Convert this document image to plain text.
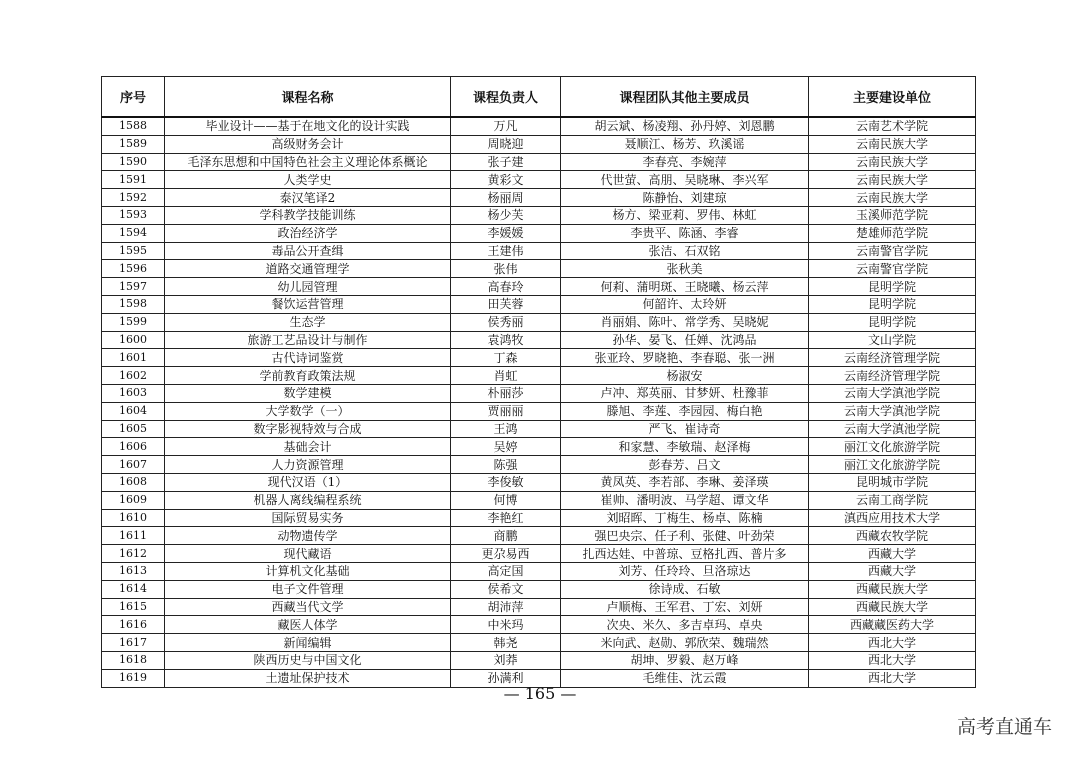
序号	课程名称	课程负责人	课程团队其他主要成员	主要建设单位
1588	毕业设计——基于在地文化的设计实践	万凡	胡云斌、杨凌翔、孙丹婷、刘恩鹏	云南艺术学院
1589	高级财务会计	周晓迎	聂顺江、杨芳、玖溪谣	云南民族大学
1590	毛泽东思想和中国特色社会主义理论体系概论	张子建	李春亮、李婉萍	云南民族大学
1591	人类学史	黄彩文	代世萤、高朋、吴晓琳、李兴军	云南民族大学
1592	泰汉笔译2	杨丽周	陈静怡、刘建琼	云南民族大学
1593	学科教学技能训练	杨少芙	杨方、梁亚莉、罗伟、林虹	玉溪师范学院
1594	政治经济学	李媛媛	李贵平、陈涵、李睿	楚雄师范学院
1595	毒品公开查缉	王建伟	张洁、石双铭	云南警官学院
1596	道路交通管理学	张伟	张秋美	云南警官学院
1597	幼儿园管理	高春玲	何莉、蒲明斑、王晓曦、杨云萍	昆明学院
1598	餐饮运营管理	田芙蓉	何韶许、太玲妍	昆明学院
1599	生态学	侯秀丽	肖丽娟、陈叶、常学秀、吴晓妮	昆明学院
1600	旅游工艺品设计与制作	袁鸿牧	孙华、晏飞、任婵、沈鸿品	文山学院
1601	古代诗词鉴赏	丁森	张亚玲、罗晓艳、李春聪、张一洲	云南经济管理学院
1602	学前教育政策法规	肖虹	杨淑安	云南经济管理学院
1603	数学建模	朴丽莎	卢冲、郑英丽、甘梦妍、杜豫菲	云南大学滇池学院
1604	大学数学（一）	贾丽丽	滕旭、李莲、李园园、梅白艳	云南大学滇池学院
1605	数字影视特效与合成	王鸿	严飞、崔诗奇	云南大学滇池学院
1606	基础会计	吴婷	和家慧、李敏瑞、赵泽梅	丽江文化旅游学院
1607	人力资源管理	陈强	彭春芳、吕文	丽江文化旅游学院
1608	现代汉语（1）	李俊敏	黄凤英、李若部、李琳、姜泽瑛	昆明城市学院
1609	机器人离线编程系统	何博	崔帅、潘明波、马学超、谭文华	云南工商学院
1610	国际贸易实务	李艳红	刘昭晖、丁梅生、杨卓、陈楠	滇西应用技术大学
1611	动物遗传学	商鹏	强巴央宗、任子利、张健、叶劲荣	西藏农牧学院
1612	现代藏语	更尕易西	扎西达娃、中普琼、豆格扎西、普片多	西藏大学
1613	计算机文化基础	高定国	刘芳、任玲玲、旦洛琼达	西藏大学
1614	电子文件管理	侯希文	徐诗成、石敏	西藏民族大学
1615	西藏当代文学	胡沛萍	卢顺梅、王军君、丁宏、刘妍	西藏民族大学
1616	藏医人体学	中米玛	次央、米久、多吉卓玛、卓央	西藏藏医药大学
1617	新闻编辑	韩尧	米向武、赵勋、郭欣荣、魏瑞然	西北大学
1618	陕西历史与中国文化	刘莽	胡坤、罗毅、赵万峰	西北大学
1619	土遗址保护技术	孙满利	毛维佳、沈云霞	西北大学
— 165 —
高考直通车
